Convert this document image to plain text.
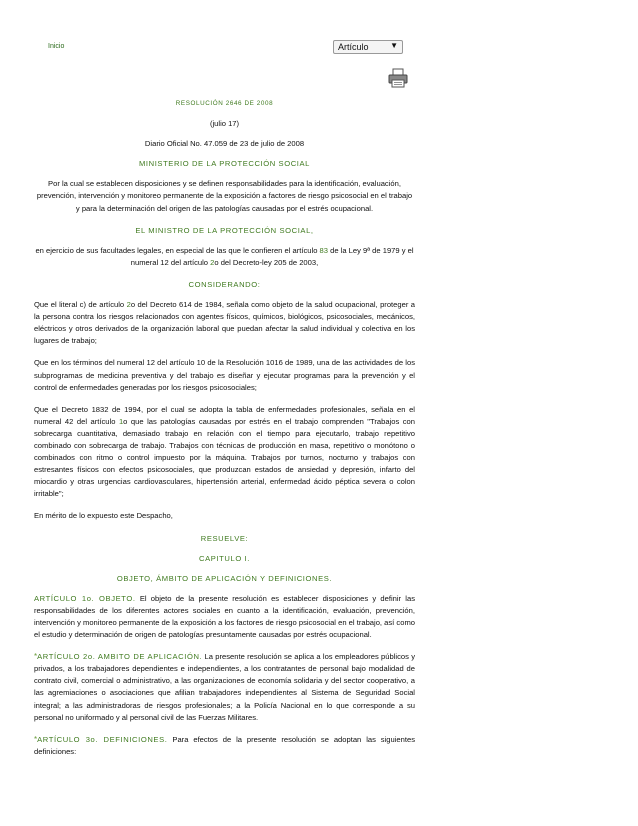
Inicio	Artículo	▼
RESOLUCIÓN 2646 DE 2008
(julio 17)
Diario Oficial No. 47.059 de 23 de julio de 2008
MINISTERIO DE LA PROTECCIÓN SOCIAL

Por la cual se establecen disposiciones y se definen responsabilidades para la identificación, evaluación, prevención, intervención y monitoreo permanente de la exposición a factores de riesgo psicosocial en el trabajo y para la determinación del origen de las patologías causadas por el estrés ocupacional.

EL MINISTRO DE LA PROTECCIÓN SOCIAL,

en ejercicio de sus facultades legales, en especial de las que le confieren el artículo 83 de la Ley 9ª de 1979 y el numeral 12 del artículo 2o del Decreto-ley 205 de 2003,

CONSIDERANDO:

Que el literal c) de artículo 2o del Decreto 614 de 1984, señala como objeto de la salud ocupacional, proteger a la persona contra los riesgos relacionados con agentes físicos, químicos, biológicos, psicosociales, mecánicos, eléctricos y otros derivados de la organización laboral que puedan afectar la salud individual y colectiva en los lugares de trabajo;

Que en los términos del numeral 12 del artículo 10 de la Resolución 1016 de 1989, una de las actividades de los subprogramas de medicina preventiva y del trabajo es diseñar y ejecutar programas para la prevención y el control de enfermedades generadas por los riesgos psicosociales;

Que el Decreto 1832 de 1994, por el cual se adopta la tabla de enfermedades profesionales, señala en el numeral 42 del artículo 1o que las patologías causadas por estrés en el trabajo comprenden "Trabajos con sobrecarga cuantitativa, demasiado trabajo en relación con el tiempo para ejecutarlo, trabajo repetitivo combinado con sobrecarga de trabajo. Trabajos con técnicas de producción en masa, repetitivo o monótono o combinados con ritmo o control impuesto por la máquina. Trabajos por turnos, nocturno y trabajos con estresantes físicos con efectos psicosociales, que produzcan estados de ansiedad y depresión, infarto del miocardio y otras urgencias cardiovasculares, hipertensión arterial, enfermedad ácido péptica severa o colon irritable";

En mérito de lo expuesto este Despacho,

RESUELVE:
CAPITULO I.
OBJETO, ÁMBITO DE APLICACIÓN Y DEFINICIONES.

ARTÍCULO 1o. OBJETO. El objeto de la presente resolución es establecer disposiciones y definir las responsabilidades de los diferentes actores sociales en cuanto a la identificación, evaluación, prevención, intervención y monitoreo permanente de la exposición a los factores de riesgo psicosocial en el trabajo, así como el estudio y determinación de origen de patologías presuntamente causadas por estrés ocupacional.

*ARTÍCULO 2o. AMBITO DE APLICACIÓN. La presente resolución se aplica a los empleadores públicos y privados, a los trabajadores dependientes e independientes, a los contratantes de personal bajo modalidad de contrato civil, comercial o administrativo, a las organizaciones de economía solidaria y del sector cooperativo, a las agremiaciones o asociaciones que afilian trabajadores independientes al Sistema de Seguridad Social integral; a las administradoras de riesgos profesionales; a la Policía Nacional en lo que corresponde a su personal no uniformado y al personal civil de las Fuerzas Militares.

*ARTÍCULO 3o. DEFINICIONES. Para efectos de la presente resolución se adoptan las siguientes definiciones:
